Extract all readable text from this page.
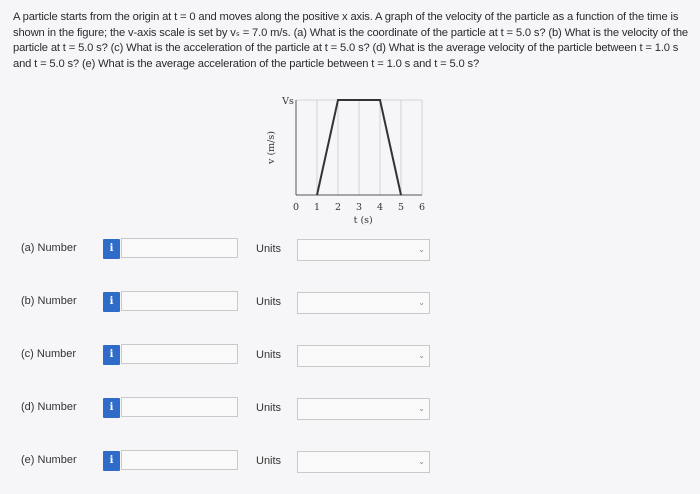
A particle starts from the origin at t = 0 and moves along the positive x axis. A graph of the velocity of the particle as a function of the time is shown in the figure; the v-axis scale is set by vₛ = 7.0 m/s. (a) What is the coordinate of the particle at t = 5.0 s? (b) What is the velocity of the particle at t = 5.0 s? (c) What is the acceleration of the particle at t = 5.0 s? (d) What is the average velocity of the particle between t = 1.0 s and t = 5.0 s? (e) What is the average acceleration of the particle between t = 1.0 s and t = 5.0 s?
0 1 2 3 4 5 6
Vs
t (s)
v (m/s)
(a) Number	i	Units	⌄
(b) Number	i	Units	⌄
(c) Number	i	Units	⌄
(d) Number	i	Units	⌄
(e) Number	i	Units	⌄
